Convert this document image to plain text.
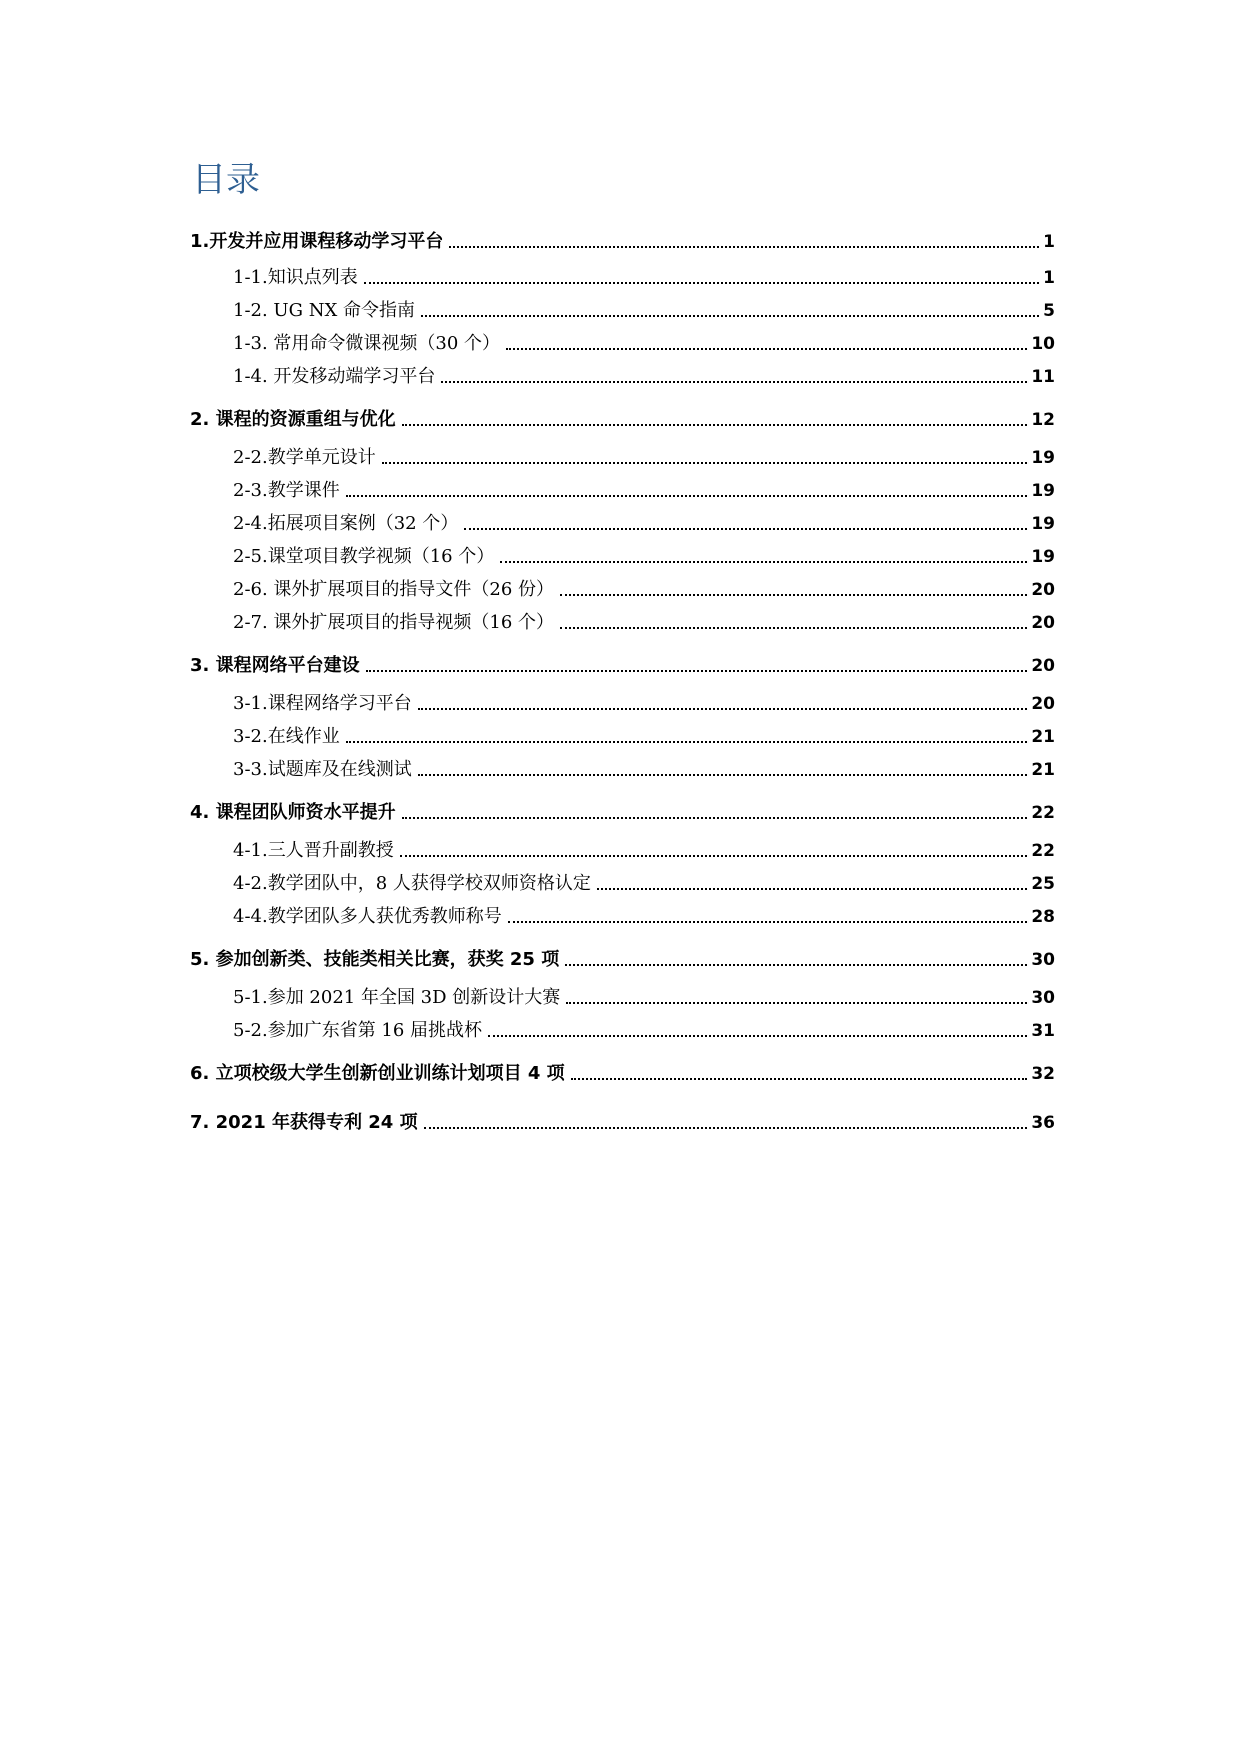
目录
1.开发并应用课程移动学习平台	1
1-1.知识点列表	1
1-2. UG NX 命令指南	5
1-3. 常用命令微课视频（30 个）	10
1-4. 开发移动端学习平台	11
2. 课程的资源重组与优化	12
2-2.教学单元设计	19
2-3.教学课件	19
2-4.拓展项目案例（32 个）	19
2-5.课堂项目教学视频（16 个）	19
2-6. 课外扩展项目的指导文件（26 份）	20
2-7. 课外扩展项目的指导视频（16 个）	20
3. 课程网络平台建设	20
3-1.课程网络学习平台	20
3-2.在线作业	21
3-3.试题库及在线测试	21
4. 课程团队师资水平提升	22
4-1.三人晋升副教授	22
4-2.教学团队中，8 人获得学校双师资格认定	25
4-4.教学团队多人获优秀教师称号	28
5. 参加创新类、技能类相关比赛，获奖 25 项	30
5-1.参加 2021 年全国 3D 创新设计大赛	30
5-2.参加广东省第 16 届挑战杯	31
6. 立项校级大学生创新创业训练计划项目 4 项	32
7. 2021 年获得专利 24 项	36
